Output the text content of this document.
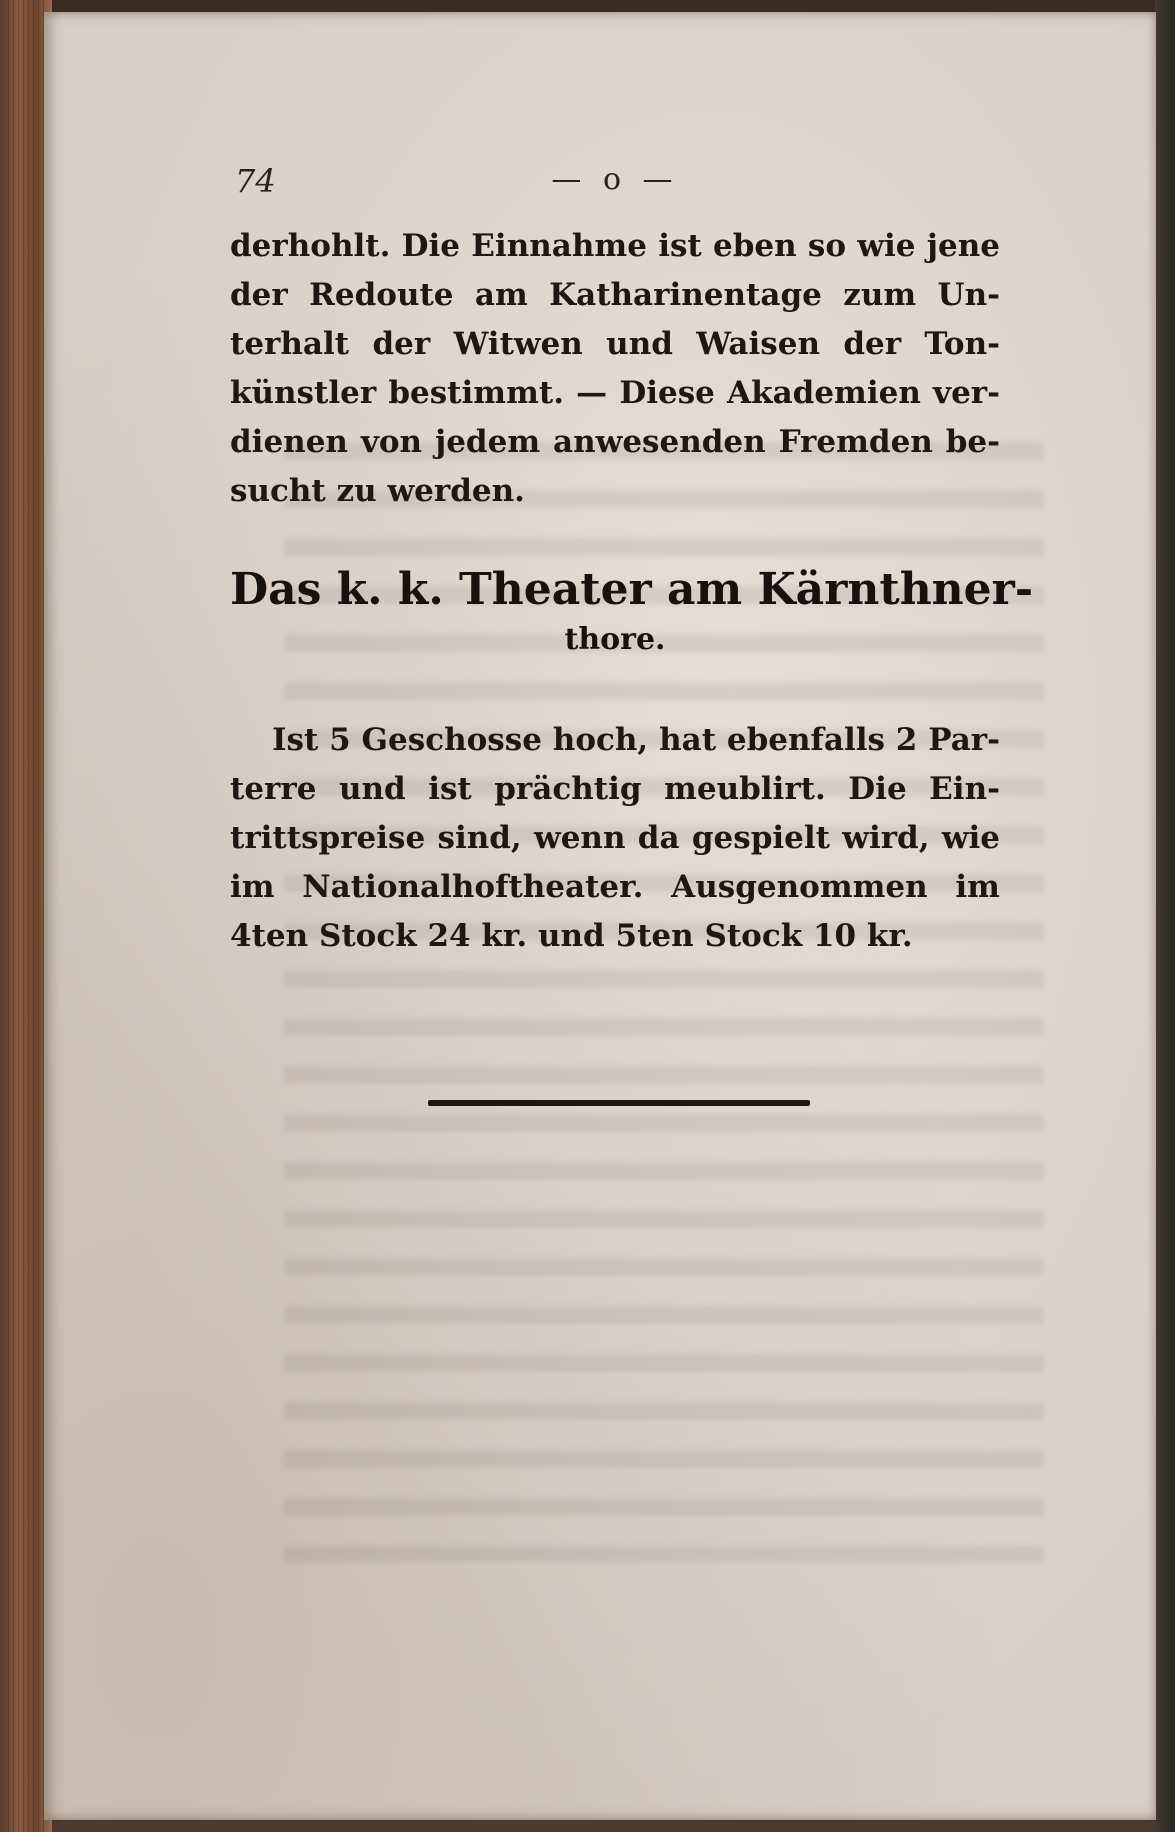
74	— o —
derhohlt. Die Einnahme ist eben so wie jene
der Redoute am Katharinentage zum Un-
terhalt der Witwen und Waisen der Ton-
künstler bestimmt. — Diese Akademien ver-
dienen von jedem anwesenden Fremden be-
sucht zu werden.
Das k. k. Theater am Kärnthner-
thore.
Ist 5 Geschosse hoch, hat ebenfalls 2 Par-
terre und ist prächtig meublirt. Die Ein-
trittspreise sind, wenn da gespielt wird, wie
im Nationalhoftheater. Ausgenommen im
4ten Stock 24 kr. und 5ten Stock 10 kr.
